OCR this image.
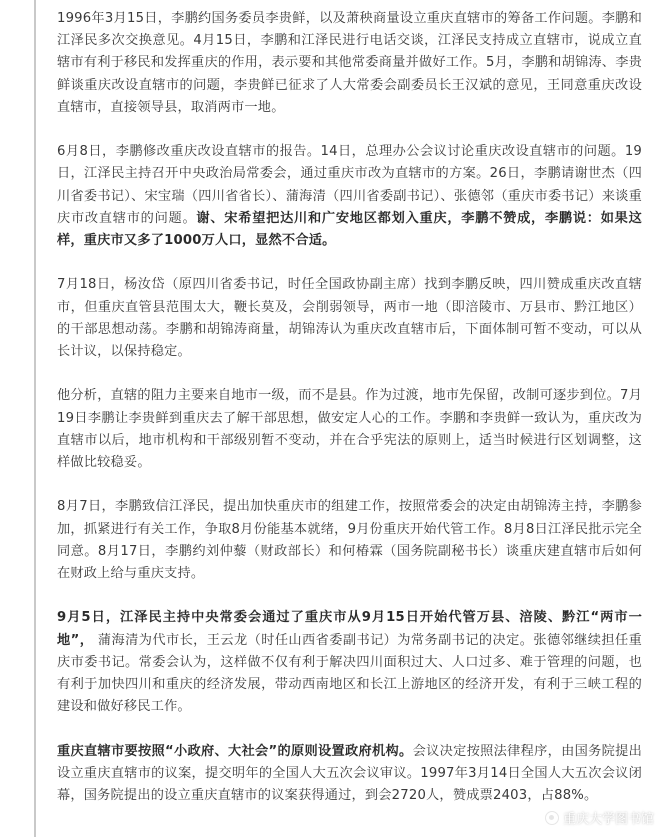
1996年3月15日，李鹏约国务委员李贵鲜，以及萧秧商量设立重庆直辖市的筹备工作问题。李鹏和江泽民多次交换意见。4月15日，李鹏和江泽民进行电话交谈，江泽民支持成立直辖市，说成立直辖市有利于移民和发挥重庆的作用，表示要和其他常委商量并做好工作。5月，李鹏和胡锦涛、李贵鲜谈重庆改设直辖市的问题，李贵鲜已征求了人大常委会副委员长王汉斌的意见，王同意重庆改设直辖市，直接领导县，取消两市一地。

6月8日，李鹏修改重庆改设直辖市的报告。14日，总理办公会议讨论重庆改设直辖市的问题。19日，江泽民主持召开中央政治局常委会，通过重庆市改为直辖市的方案。26日，李鹏请谢世杰（四川省委书记）、宋宝瑞（四川省省长）、蒲海清（四川省委副书记）、张德邻（重庆市委书记）来谈重庆市改直辖市的问题。谢、宋希望把达川和广安地区都划入重庆，李鹏不赞成，李鹏说：如果这样，重庆市又多了1000万人口，显然不合适。

7月18日，杨汝岱（原四川省委书记，时任全国政协副主席）找到李鹏反映，四川赞成重庆改直辖市，但重庆直管县范围太大，鞭长莫及，会削弱领导，两市一地（即涪陵市、万县市、黔江地区）的干部思想动荡。李鹏和胡锦涛商量，胡锦涛认为重庆改直辖市后，下面体制可暂不变动，可以从长计议，以保持稳定。

他分析，直辖的阻力主要来自地市一级，而不是县。作为过渡，地市先保留，改制可逐步到位。7月19日李鹏让李贵鲜到重庆去了解干部思想，做安定人心的工作。李鹏和李贵鲜一致认为，重庆改为直辖市以后，地市机构和干部级别暂不变动，并在合乎宪法的原则上，适当时候进行区划调整，这样做比较稳妥。

8月7日，李鹏致信江泽民，提出加快重庆市的组建工作，按照常委会的决定由胡锦涛主持，李鹏参加，抓紧进行有关工作，争取8月份能基本就绪，9月份重庆开始代管工作。8月8日江泽民批示完全同意。8月17日，李鹏约刘仲藜（财政部长）和何椿霖（国务院副秘书长）谈重庆建直辖市后如何在财政上给与重庆支持。

9月5日，江泽民主持中央常委会通过了重庆市从9月15日开始代管万县、涪陵、黔江“两市一地”， 蒲海清为代市长，王云龙（时任山西省委副书记）为常务副书记的决定。张德邻继续担任重庆市委书记。常委会认为，这样做不仅有利于解决四川面积过大、人口过多、难于管理的问题，也有利于加快四川和重庆的经济发展，带动西南地区和长江上游地区的经济开发，有利于三峡工程的建设和做好移民工作。

重庆直辖市要按照“小政府、大社会”的原则设置政府机构。会议决定按照法律程序，由国务院提出设立重庆直辖市的议案，提交明年的全国人大五次会议审议。1997年3月14日全国人大五次会议闭幕，国务院提出的设立重庆直辖市的议案获得通过，到会2720人，赞成票2403，占88%。

重庆大学图书馆
